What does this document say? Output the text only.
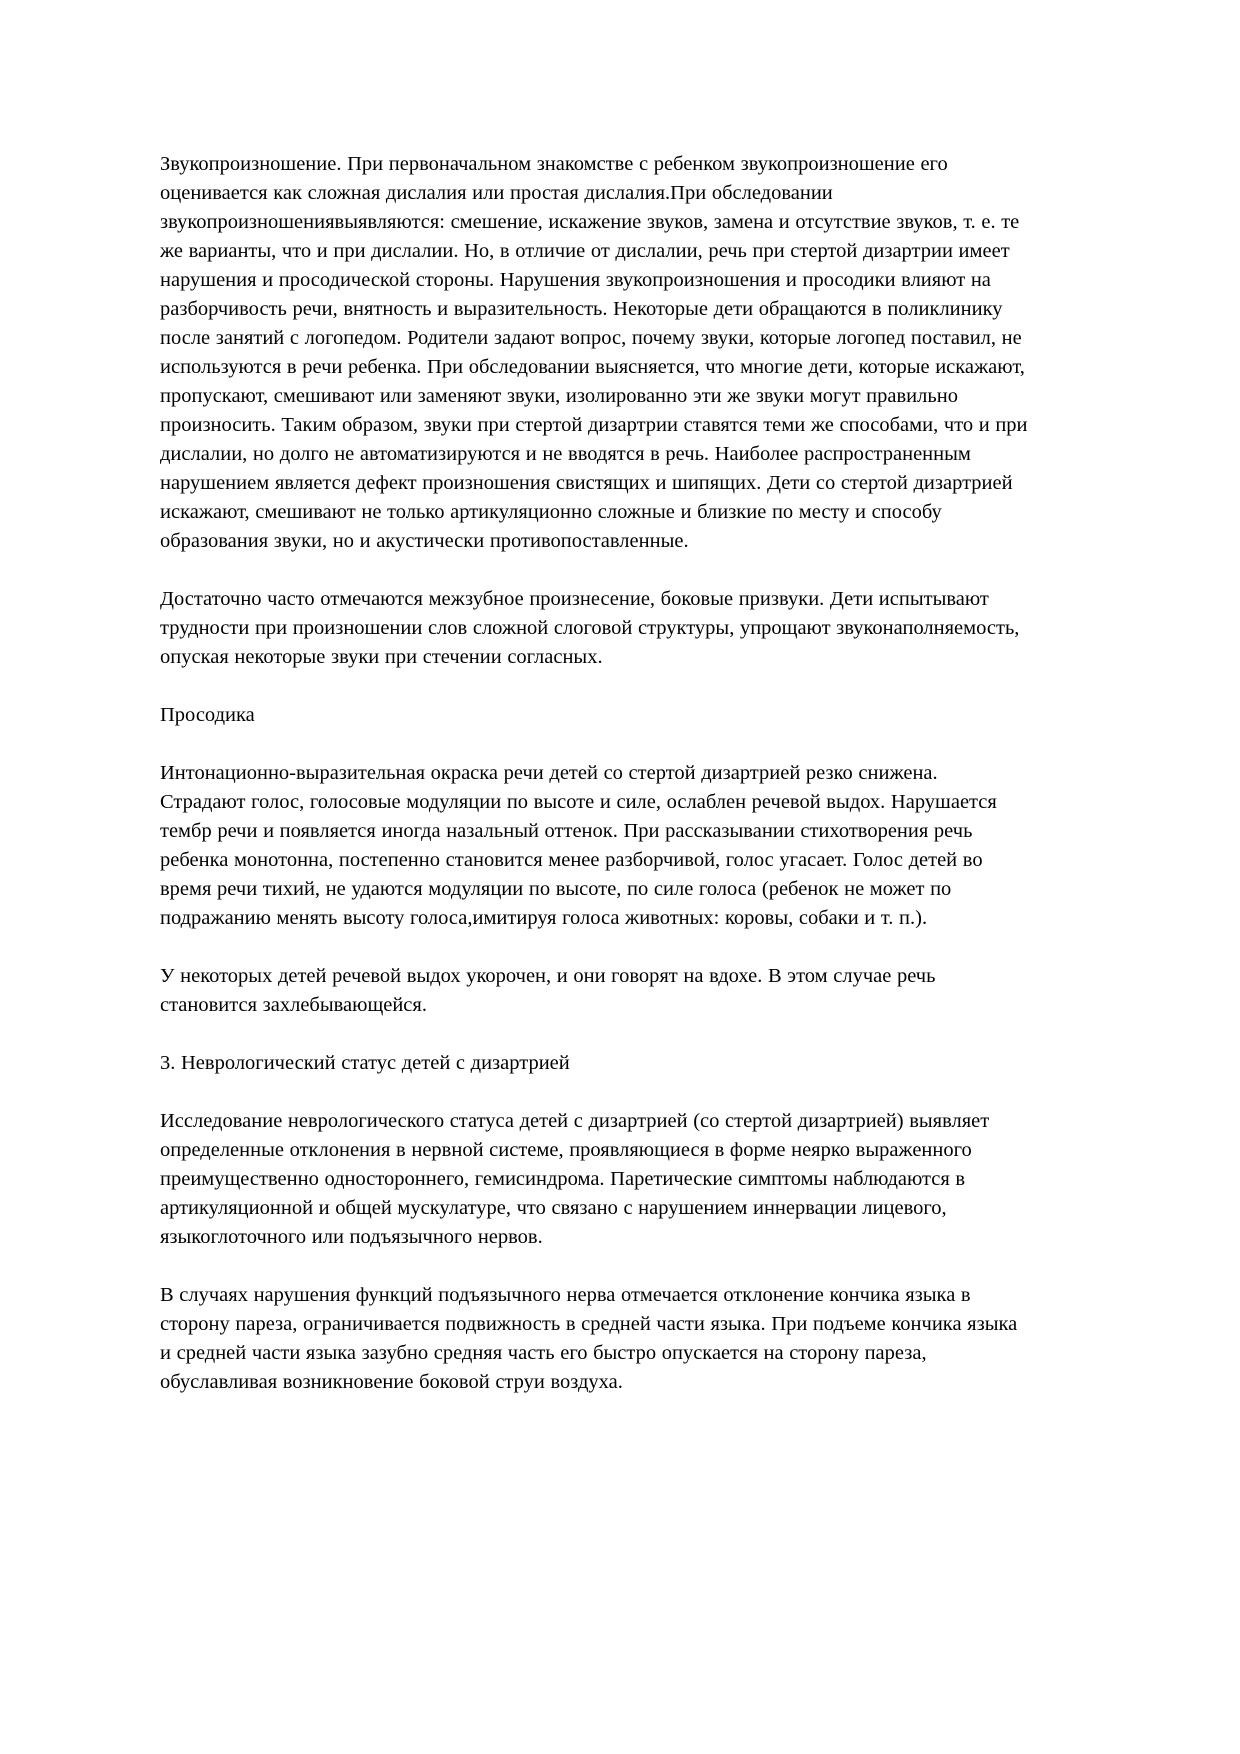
Звукопроизношение. При первоначальном знакомстве с ребенком звукопроизношение его оценивается как сложная дислалия или простая дислалия.При обследовании звукопроизношениявыявляются: смешение, искажение звуков, замена и отсутствие звуков, т. е. те же варианты, что и при дислалии. Но, в отличие от дислалии, речь при стертой дизартрии имеет нарушения и просодической стороны. Нарушения звукопроизношения и просодики влияют на разборчивость речи, внятность и выразительность. Некоторые дети обращаются в поликлинику после занятий с логопедом. Родители задают вопрос, почему звуки, которые логопед поставил, не используются в речи ребенка. При обследовании выясняется, что многие дети, которые искажают, пропускают, смешивают или заменяют звуки, изолированно эти же звуки могут правильно произносить. Таким образом, звуки при стертой дизартрии ставятся теми же способами, что и при дислалии, но долго не автоматизируются и не вводятся в речь. Наиболее распространенным нарушением является дефект произношения свистящих и шипящих. Дети со стертой дизартрией искажают, смешивают не только артикуляционно сложные и близкие по месту и способу образования звуки, но и акустически противопоставленные.

Достаточно часто отмечаются межзубное произнесение, боковые призвуки. Дети испытывают трудности при произношении слов сложной слоговой структуры, упрощают звуконаполняемость, опуская некоторые звуки при стечении согласных.

Просодика

Интонационно-выразительная окраска речи детей со стертой дизартрией резко снижена. Страдают голос, голосовые модуляции по высоте и силе, ослаблен речевой выдох. Нарушается тембр речи и появляется иногда назальный оттенок. При рассказывании стихотворения речь ребенка монотонна, постепенно становится менее разборчивой, голос угасает. Голос детей во время речи тихий, не удаются модуляции по высоте, по силе голоса (ребенок не может по подражанию менять высоту голоса,имитируя голоса животных: коровы, собаки и т. п.).

У некоторых детей речевой выдох укорочен, и они говорят на вдохе. В этом случае речь становится захлебывающейся.

3. Неврологический статус детей с дизартрией

Исследование неврологического статуса детей с дизартрией (со стертой дизартрией) выявляет определенные отклонения в нервной системе, проявляющиеся в форме неярко выраженного преимущественно одностороннего, гемисиндрома. Паретические симптомы наблюдаются в артикуляционной и общей мускулатуре, что связано с нарушением иннервации лицевого, языкоглоточного или подъязычного нервов.

В случаях нарушения функций подъязычного нерва отмечается отклонение кончика языка в сторону пареза, ограничивается подвижность в средней части языка. При подъеме кончика языка и средней части языка зазубно средняя часть его быстро опускается на сторону пареза, обуславливая возникновение боковой струи воздуха.
